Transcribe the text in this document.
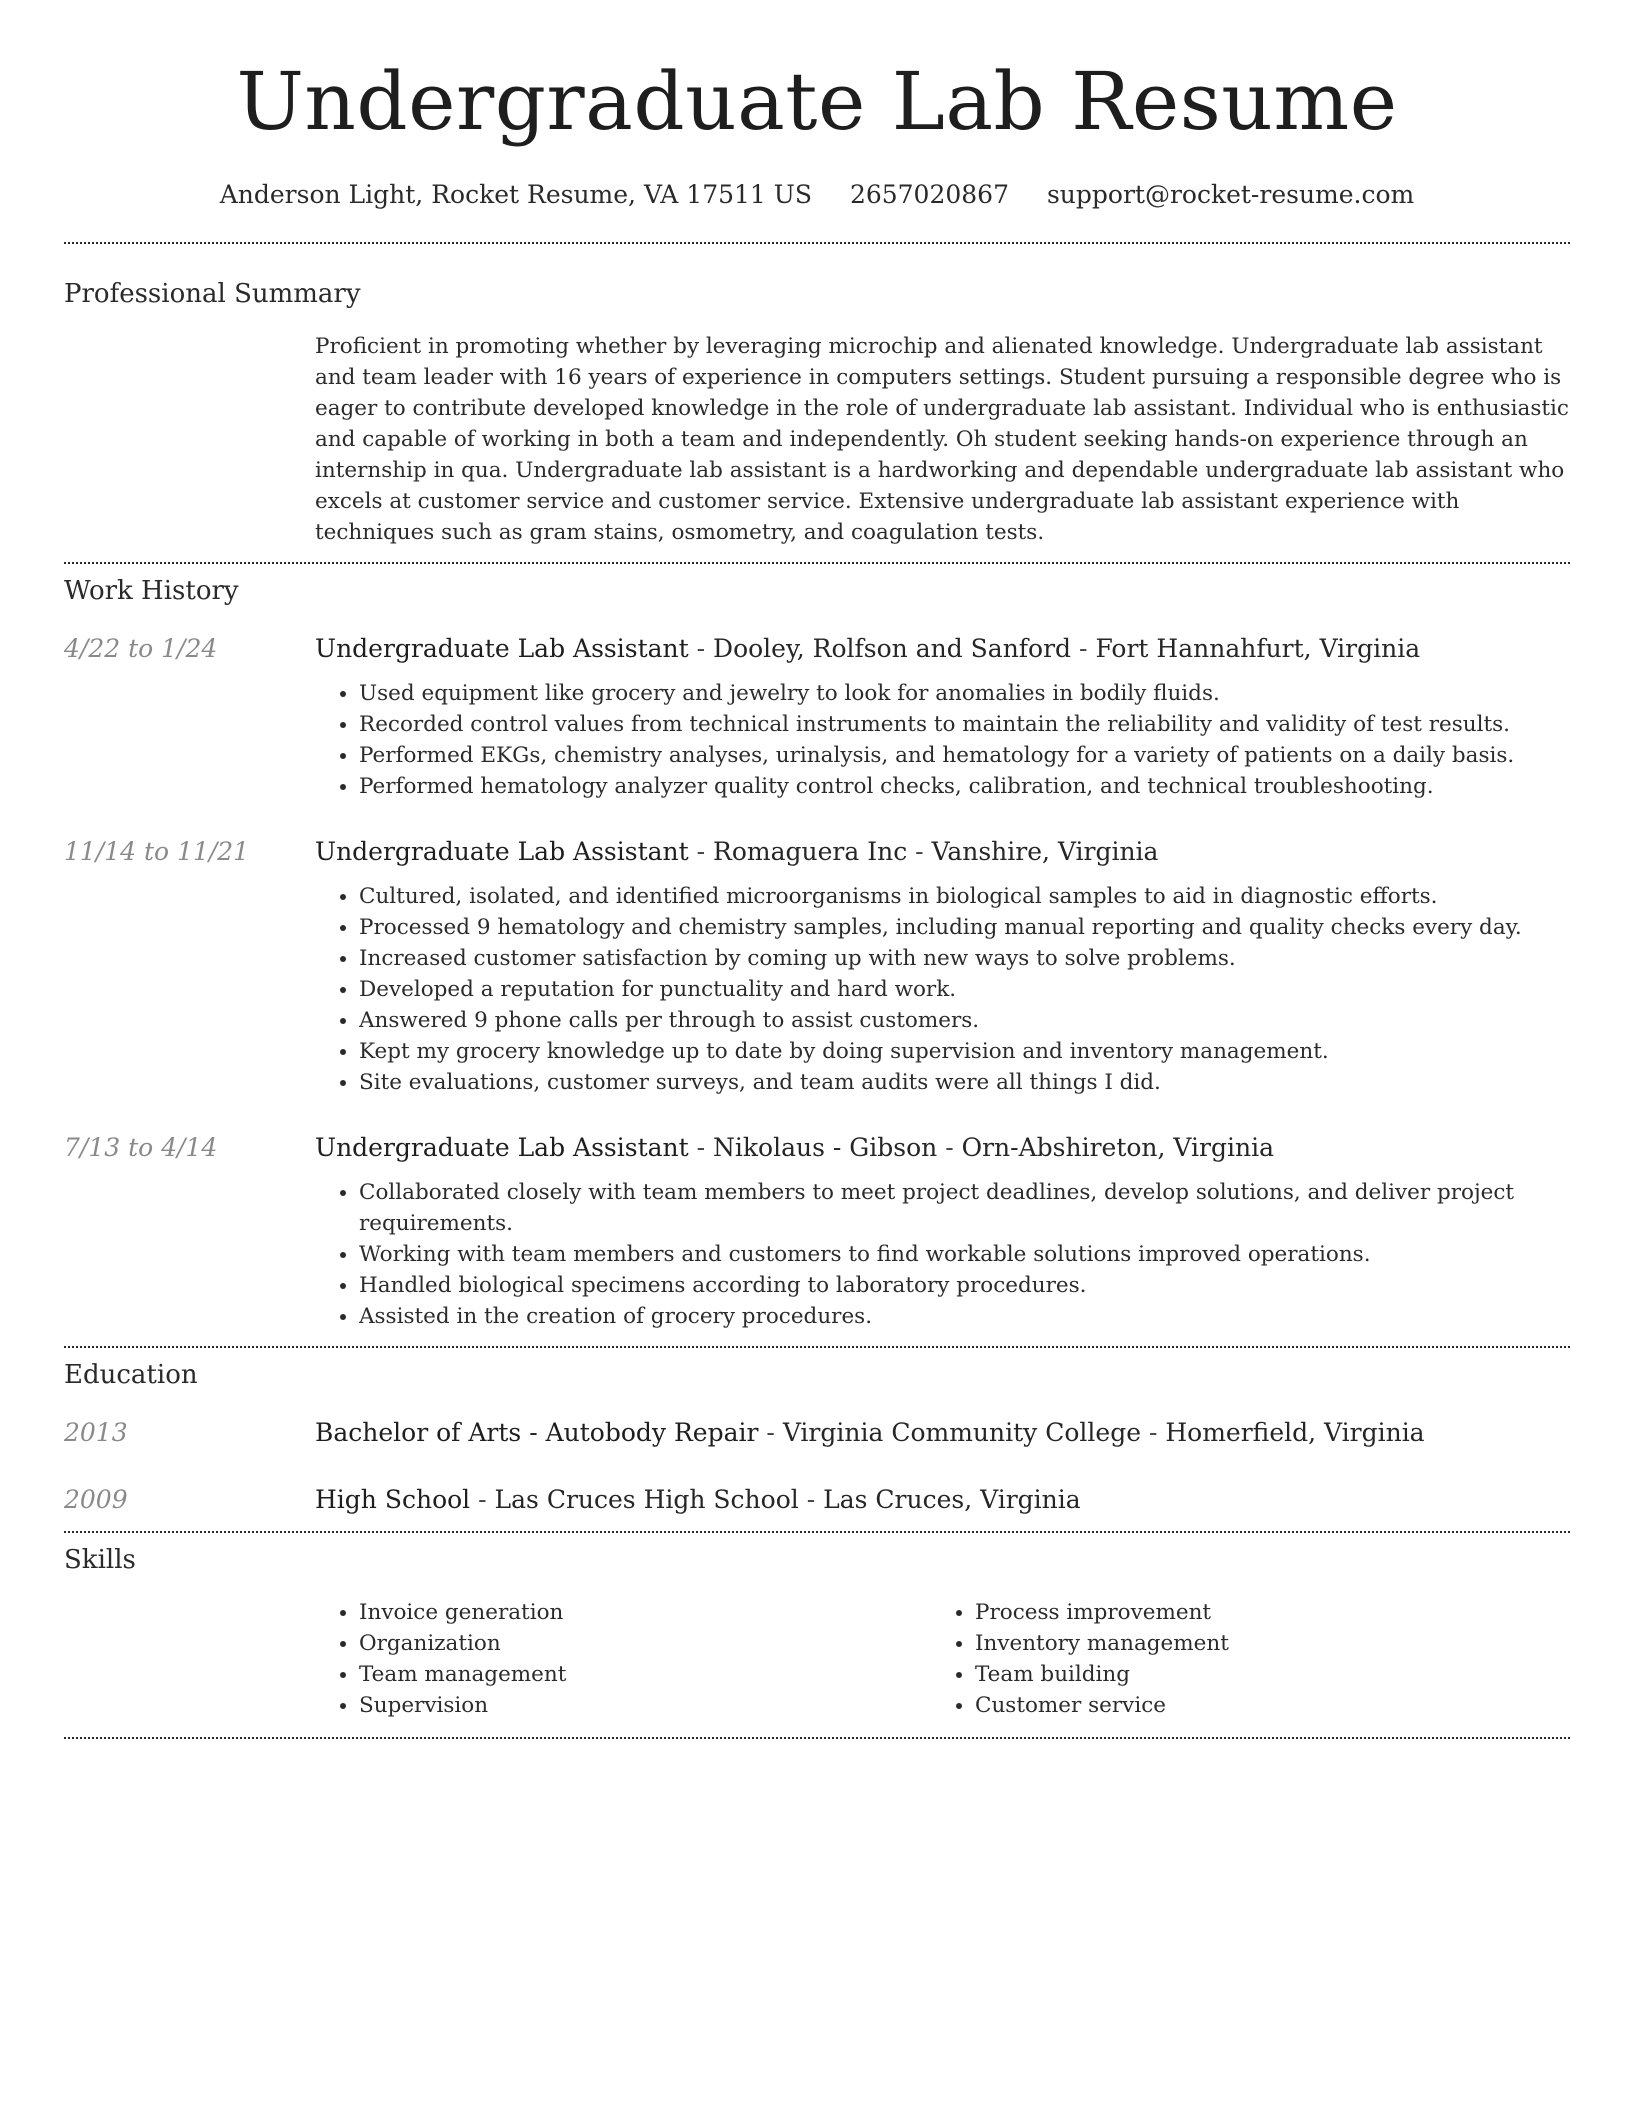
Undergraduate Lab Resume
Anderson Light, Rocket Resume, VA 17511 US 2657020867 support@rocket-resume.com
Professional Summary

Proficient in promoting whether by leveraging microchip and alienated knowledge. Undergraduate lab assistant and team leader with 16 years of experience in computers settings. Student pursuing a responsible degree who is eager to contribute developed knowledge in the role of undergraduate lab assistant. Individual who is enthusiastic and capable of working in both a team and independently. Oh student seeking hands-on experience through an internship in qua. Undergraduate lab assistant is a hardworking and dependable undergraduate lab assistant who excels at customer service and customer service. Extensive undergraduate lab assistant experience with techniques such as gram stains, osmometry, and coagulation tests.

Work History
4/22 to 1/24	Undergraduate Lab Assistant - Dooley, Rolfson and Sanford - Fort Hannahfurt, Virginia

• Used equipment like grocery and jewelry to look for anomalies in bodily fluids.
• Recorded control values from technical instruments to maintain the reliability and validity of test results.
• Performed EKGs, chemistry analyses, urinalysis, and hematology for a variety of patients on a daily basis.
• Performed hematology analyzer quality control checks, calibration, and technical troubleshooting.
11/14 to 11/21	Undergraduate Lab Assistant - Romaguera Inc - Vanshire, Virginia

• Cultured, isolated, and identified microorganisms in biological samples to aid in diagnostic efforts.
• Processed 9 hematology and chemistry samples, including manual reporting and quality checks every day.
• Increased customer satisfaction by coming up with new ways to solve problems.
• Developed a reputation for punctuality and hard work.
• Answered 9 phone calls per through to assist customers.
• Kept my grocery knowledge up to date by doing supervision and inventory management.
• Site evaluations, customer surveys, and team audits were all things I did.
7/13 to 4/14	Undergraduate Lab Assistant - Nikolaus - Gibson - Orn-Abshireton, Virginia

• Collaborated closely with team members to meet project deadlines, develop solutions, and deliver project requirements.
• Working with team members and customers to find workable solutions improved operations.
• Handled biological specimens according to laboratory procedures.
• Assisted in the creation of grocery procedures.
Education
2013	Bachelor of Arts - Autobody Repair - Virginia Community College - Homerfield, Virginia

2009	High School - Las Cruces High School - Las Cruces, Virginia

Skills
• Invoice generation
• Organization
• Team management
• Supervision
• Process improvement
• Inventory management
• Team building
• Customer service
